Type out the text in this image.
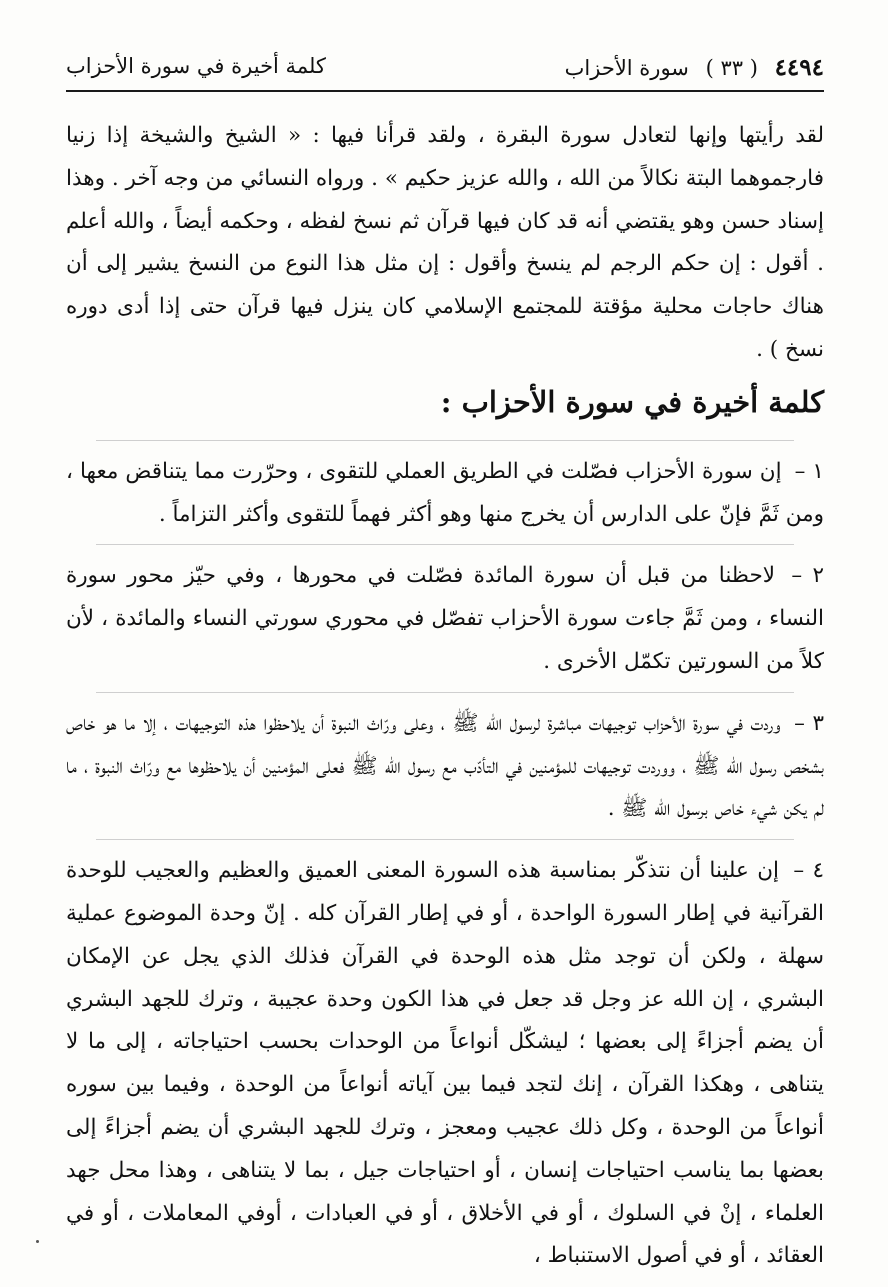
٤٤٩٤ ( ٣٣ ) سورة الأحزاب
كلمة أخيرة في سورة الأحزاب

لقد رأيتها وإنها لتعادل سورة البقرة ، ولقد قرأنا فيها : « الشيخ والشيخة إذا زنيا فارجموهما البتة نكالاً من الله ، والله عزيز حكيم » . ورواه النسائي من وجه آخر . وهذا إسناد حسن وهو يقتضي أنه قد كان فيها قرآن ثم نسخ لفظه ، وحكمه أيضاً ، والله أعلم . أقول : إن حكم الرجم لم ينسخ وأقول : إن مثل هذا النوع من النسخ يشير إلى أن هناك حاجات محلية مؤقتة للمجتمع الإسلامي كان ينزل فيها قرآن حتى إذا أدى دوره نسخ ) .

كلمة أخيرة في سورة الأحزاب :

١ – إن سورة الأحزاب فصّلت في الطريق العملي للتقوى ، وحرّرت مما يتناقض معها ، ومن ثَمَّ فإنّ على الدارس أن يخرج منها وهو أكثر فهماً للتقوى وأكثر التزاماً .

٢ – لاحظنا من قبل أن سورة المائدة فصّلت في محورها ، وفي حيّز محور سورة النساء ، ومن ثَمَّ جاءت سورة الأحزاب تفصّل في محوري سورتي النساء والمائدة ، لأن كلاً من السورتين تكمّل الأخرى .

٣ – وردت في سورة الأحزاب توجيهات مباشرة لرسول الله ﷺ ، وعلى ورّاث النبوة أن يلاحظوا هذه التوجيهات ، إلا ما هو خاص بشخص رسول الله ﷺ ، ووردت توجيهات للمؤمنين في التأدّب مع رسول الله ﷺ فعلى المؤمنين أن يلاحظوها مع ورّاث النبوة ، ما لم يكن شيء خاص برسول الله ﷺ .

٤ – إن علينا أن نتذكّر بمناسبة هذه السورة المعنى العميق والعظيم والعجيب للوحدة القرآنية في إطار السورة الواحدة ، أو في إطار القرآن كله . إنّ وحدة الموضوع عملية سهلة ، ولكن أن توجد مثل هذه الوحدة في القرآن فذلك الذي يجل عن الإمكان البشري ، إن الله عز وجل قد جعل في هذا الكون وحدة عجيبة ، وترك للجهد البشري أن يضم أجزاءً إلى بعضها ؛ ليشكّل أنواعاً من الوحدات بحسب احتياجاته ، إلى ما لا يتناهى ، وهكذا القرآن ، إنك لتجد فيما بين آياته أنواعاً من الوحدة ، وفيما بين سوره أنواعاً من الوحدة ، وكل ذلك عجيب ومعجز ، وترك للجهد البشري أن يضم أجزاءً إلى بعضها بما يناسب احتياجات إنسان ، أو احتياجات جيل ، بما لا يتناهى ، وهذا محل جهد العلماء ، إنْ في السلوك ، أو في الأخلاق ، أو في العبادات ، أوفي المعاملات ، أو في العقائد ، أو في أصول الاستنباط ،
